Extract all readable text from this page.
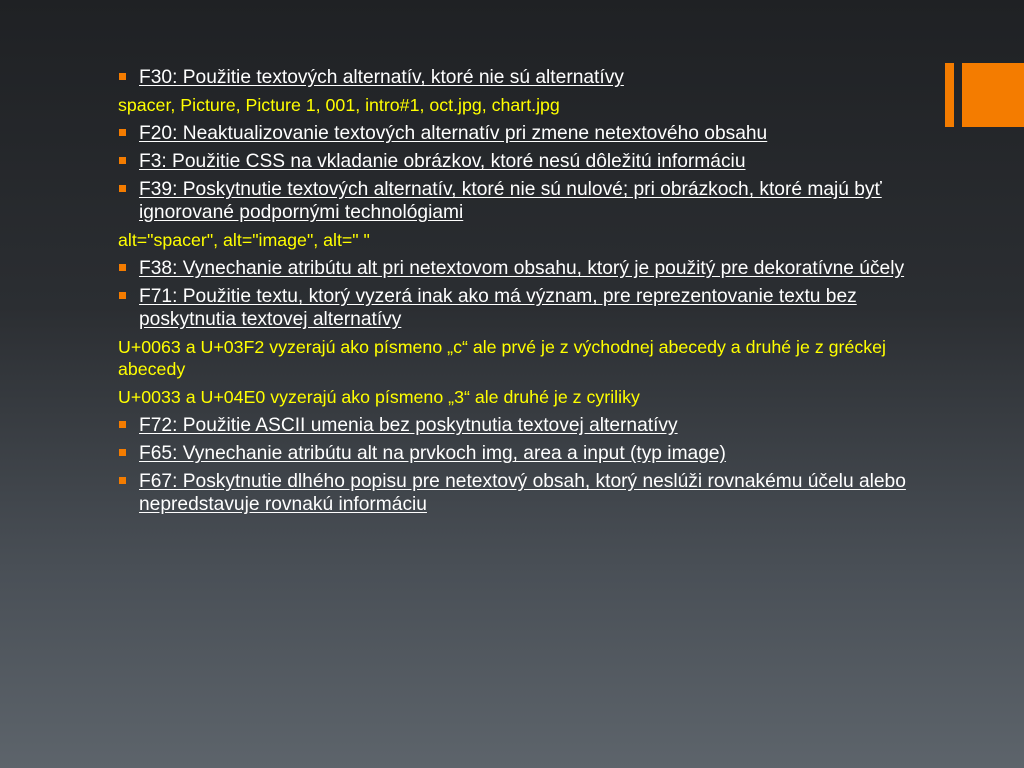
F30: Použitie textových alternatív, ktoré nie sú alternatívy
spacer, Picture, Picture 1, 001, intro#1, oct.jpg, chart.jpg
F20: Neaktualizovanie textových alternatív pri zmene netextového obsahu
F3: Použitie CSS na vkladanie obrázkov, ktoré nesú dôležitú informáciu
F39: Poskytnutie textových alternatív, ktoré nie sú nulové; pri obrázkoch, ktoré majú byť ignorované podpornými technológiami
alt="spacer", alt="image", alt=" "
F38: Vynechanie atribútu alt pri netextovom obsahu, ktorý je použitý pre dekoratívne účely
F71: Použitie textu, ktorý vyzerá inak ako má význam, pre reprezentovanie textu bez poskytnutia textovej alternatívy
U+0063 a U+03F2 vyzerajú ako písmeno „c“ ale prvé je z východnej abecedy a druhé je z gréckej abecedy
U+0033 a U+04E0 vyzerajú ako písmeno „3“ ale druhé je z cyriliky
F72: Použitie ASCII umenia bez poskytnutia textovej alternatívy
F65: Vynechanie atribútu alt na prvkoch img, area a input (typ image)
F67: Poskytnutie dlhého popisu pre netextový obsah, ktorý neslúži rovnakému účelu alebo nepredstavuje rovnakú informáciu
